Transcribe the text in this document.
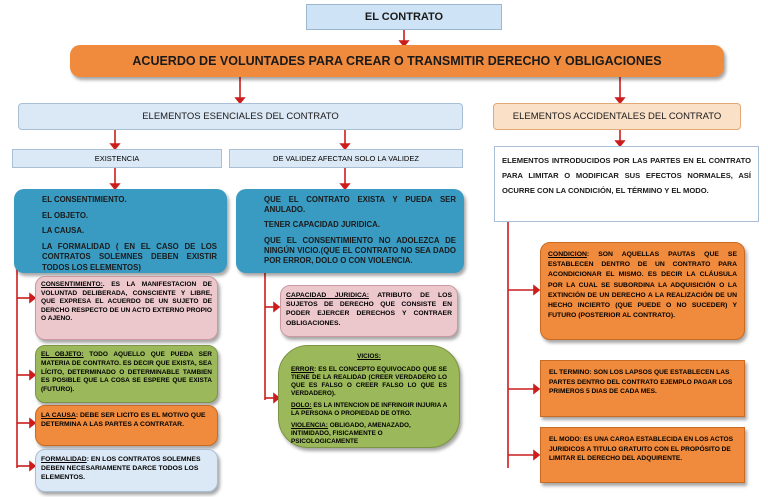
EL CONTRATO
ACUERDO DE VOLUNTADES PARA CREAR O TRANSMITIR DERECHO Y OBLIGACIONES
ELEMENTOS ESENCIALES DEL CONTRATO	ELEMENTOS ACCIDENTALES DEL CONTRATO
EXISTENCIA	DE VALIDEZ AFECTAN SOLO LA VALIDEZ

EL CONSENTIMIENTO.

EL OBJETO.

LA CAUSA.

LA FORMALIDAD ( EN EL CASO DE LOS CONTRATOS SOLEMNES DEBEN EXISTIR TODOS LOS ELEMENTOS)

CONSENTIMIENTO:. ES LA MANIFESTACION DE VOLUNTAD DELIBERADA, CONSCIENTE Y LIBRE, QUE EXPRESA EL ACUERDO DE UN SUJETO DE DERCHO RESPECTO DE UN ACTO EXTERNO PROPIO O AJENO.
EL OBJETO: TODO AQUELLO QUE PUEDA SER MATERIA DE CONTRATO. ES DECIR QUE EXISTA, SEA LÍCITO, DETERMINADO O DETERMINABLE TAMBIEN ES POSIBLE QUE LA COSA SE ESPERE QUE EXISTA (FUTURO).
LA CAUSA: DEBE SER LICITO ES EL MOTIVO QUE DETERMINA A LAS PARTES A CONTRATAR.
FORMALIDAD: EN LOS CONTRATOS SOLEMNES DEBEN NECESARIAMENTE DARCE TODOS LOS ELEMENTOS.

QUE EL CONTRATO EXISTA Y PUEDA SER ANULADO.

TENER CAPACIDAD JURIDICA.

QUE EL CONSENTIMIENTO NO ADOLEZCA DE NINGÚN VICIO.(QUE EL CONTRATO NO SEA DADO POR ERROR, DOLO O CON VIOLENCIA.

CAPACIDAD JURIDICA: ATRIBUTO DE LOS SUJETOS DE DERECHO QUE CONSISTE EN PODER EJERCER DERECHOS Y CONTRAER OBLIGACIONES.

VICIOS:

ERROR: ES EL CONCEPTO EQUIVOCADO QUE SE TIENE DE LA REALIDAD (CREER VERDADERO LO QUE ES FALSO O CREER FALSO LO QUE ES VERDADERO).

DOLO: ES LA INTENCION DE INFRINGIR INJURIA A LA PERSONA O PROPIEDAD DE OTRO.

VIOLENCIA: OBLIGADO, AMENAZADO, INTIMIDADO, FISICAMENTE O PSICOLOGICAMENTE

ELEMENTOS INTRODUCIDOS POR LAS PARTES EN EL CONTRATO PARA LIMITAR O MODIFICAR SUS EFECTOS NORMALES, ASÍ OCURRE CON LA CONDICIÓN, EL TÉRMINO Y EL MODO.
CONDICION: SON AQUELLAS PAUTAS QUE SE ESTABLECEN DENTRO DE UN CONTRATO PARA ACONDICIONAR EL MISMO. ES DECIR LA CLÁUSULA POR LA CUAL SE SUBORDINA LA ADQUISICIÓN O LA EXTINCIÓN DE UN DERECHO A LA REALIZACIÓN DE UN HECHO INCIERTO (QUE PUEDE O NO SUCEDER) Y FUTURO (POSTERIOR AL CONTRATO).
EL TERMINO: SON LOS LAPSOS QUE ESTABLECEN LAS PARTES DENTRO DEL CONTRATO EJEMPLO PAGAR LOS PRIMEROS 5 DIAS DE CADA MES.
EL MODO: ES UNA CARGA ESTABLECIDA EN LOS ACTOS JURIDICOS A TITULO GRATUITO CON EL PROPÓSITO DE LIMITAR EL DERECHO DEL ADQUIRENTE.
